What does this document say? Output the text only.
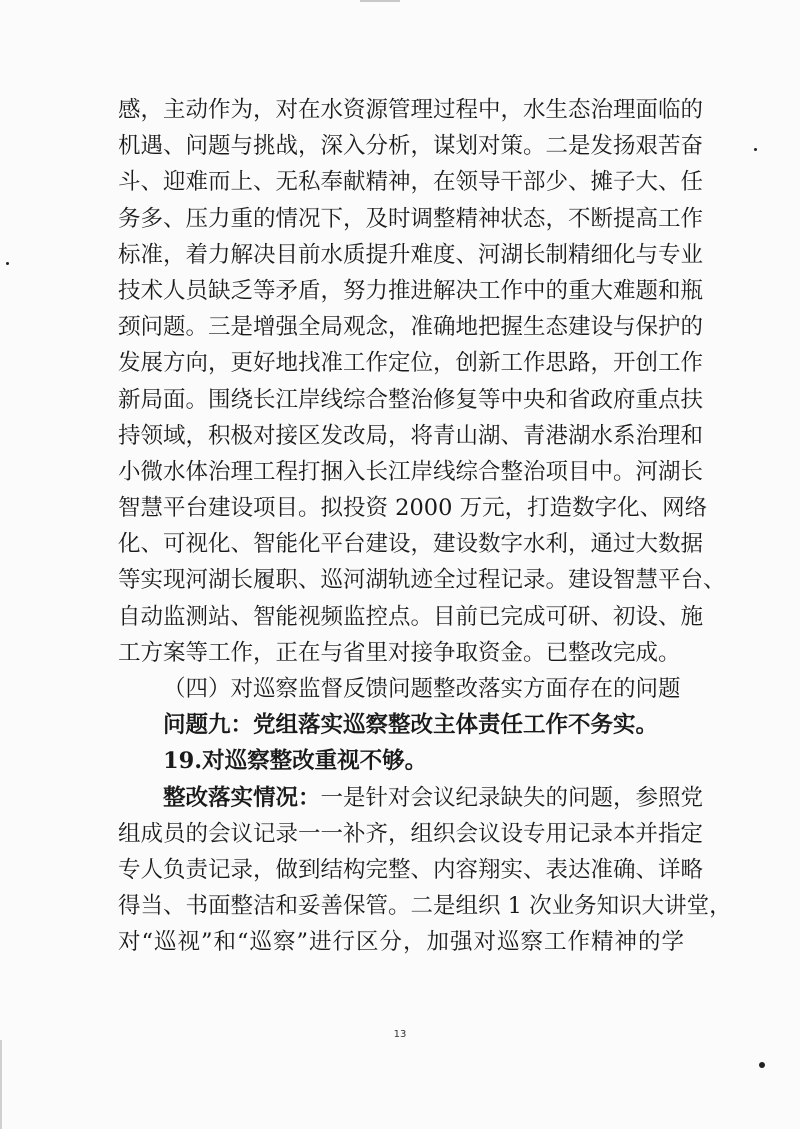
感，主动作为，对在水资源管理过程中，水生态治理面临的
机遇、问题与挑战，深入分析，谋划对策。二是发扬艰苦奋
斗、迎难而上、无私奉献精神，在领导干部少、摊子大、任
务多、压力重的情况下，及时调整精神状态，不断提高工作
标准，着力解决目前水质提升难度、河湖长制精细化与专业
技术人员缺乏等矛盾，努力推进解决工作中的重大难题和瓶
颈问题。三是增强全局观念，准确地把握生态建设与保护的
发展方向，更好地找准工作定位，创新工作思路，开创工作
新局面。围绕长江岸线综合整治修复等中央和省政府重点扶
持领域，积极对接区发改局，将青山湖、青港湖水系治理和
小微水体治理工程打捆入长江岸线综合整治项目中。河湖长
智慧平台建设项目。拟投资 2000 万元，打造数字化、网络
化、可视化、智能化平台建设，建设数字水利，通过大数据
等实现河湖长履职、巡河湖轨迹全过程记录。建设智慧平台、
自动监测站、智能视频监控点。目前已完成可研、初设、施
工方案等工作，正在与省里对接争取资金。已整改完成。
（四）对巡察监督反馈问题整改落实方面存在的问题
问题九：党组落实巡察整改主体责任工作不务实。
19.对巡察整改重视不够。
整改落实情况：一是针对会议纪录缺失的问题，参照党
组成员的会议记录一一补齐，组织会议设专用记录本并指定
专人负责记录，做到结构完整、内容翔实、表达准确、详略
得当、书面整洁和妥善保管。二是组织 1 次业务知识大讲堂，
对“巡视”和“巡察”进行区分，加强对巡察工作精神的学
13
